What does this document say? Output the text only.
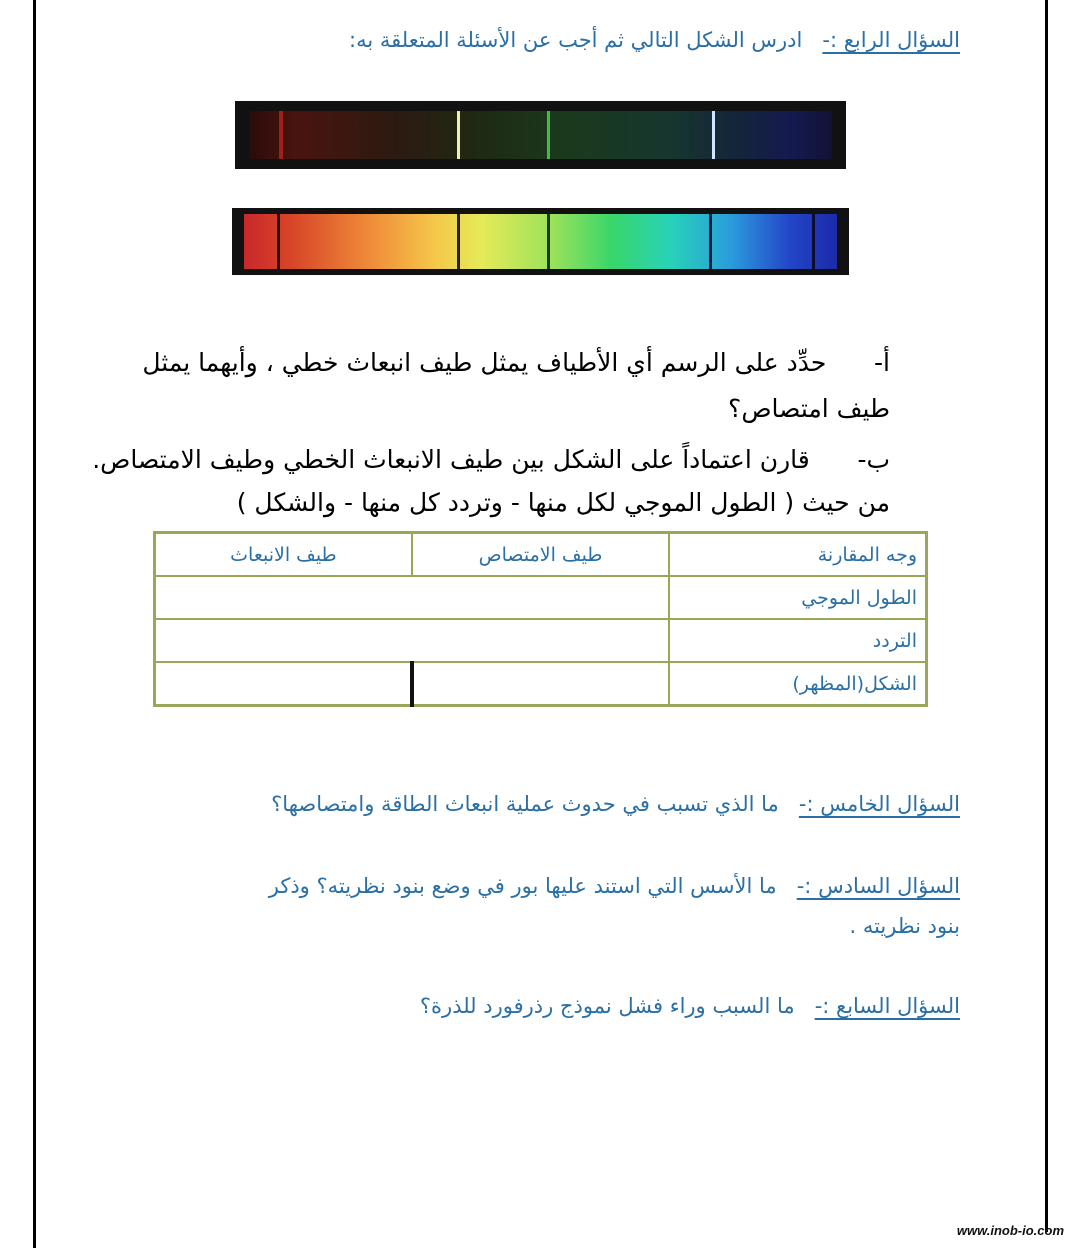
السؤال الرابع :-   ادرس الشكل التالي ثم أجب عن الأسئلة المتعلقة به:
أ-      حدِّد على الرسم أي الأطياف يمثل طيف انبعاث خطي ، وأيهما يمثل
طيف امتصاص؟
ب-      قارن اعتماداً على الشكل بين طيف الانبعاث الخطي وطيف الامتصاص.
من حيث ( الطول الموجي لكل منها - وتردد كل منها - والشكل )
وجه المقارنة	طيف الامتصاص	طيف الانبعاث
الطول الموجي		
التردد		
الشكل(المظهر)		
السؤال الخامس :-   ما الذي تسبب في حدوث عملية انبعاث الطاقة وامتصاصها؟
السؤال السادس :-   ما الأسس التي استند عليها بور في وضع بنود نظريته؟ وذكر
بنود نظريته .
السؤال السابع :-   ما السبب وراء فشل نموذج رذرفورد للذرة؟
www.inob-io.com
